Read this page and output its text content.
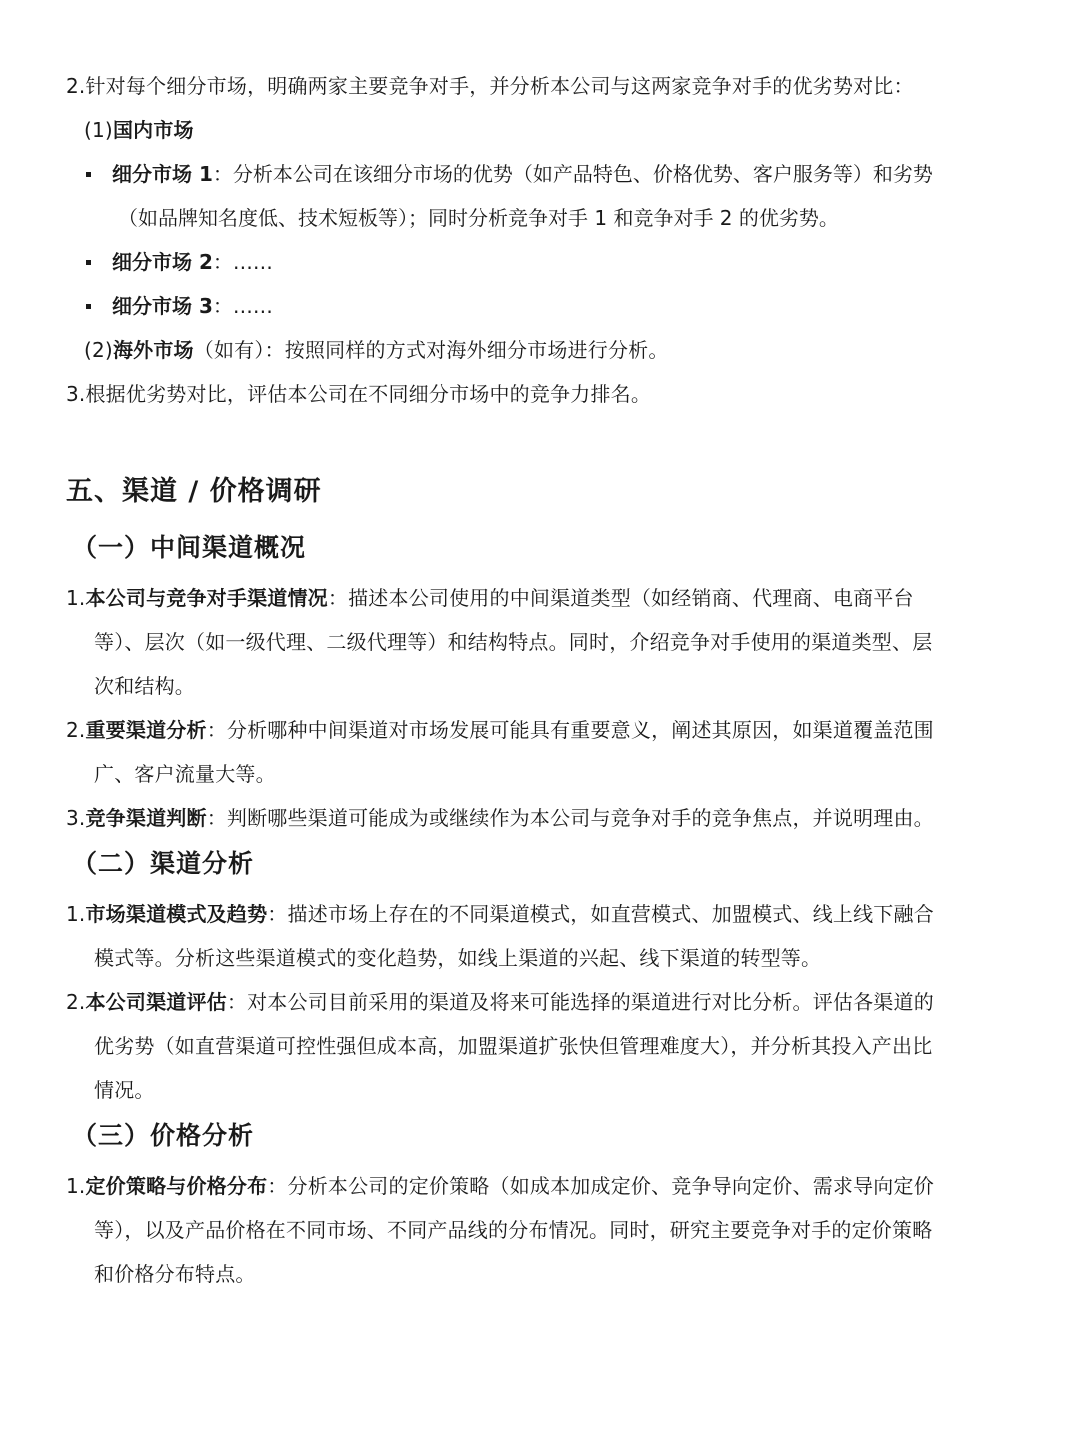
2.针对每个细分市场，明确两家主要竞争对手，并分析本公司与这两家竞争对手的优劣势对比：
(1)国内市场
细分市场 1：分析本公司在该细分市场的优势（如产品特色、价格优势、客户服务等）和劣势
（如品牌知名度低、技术短板等）；同时分析竞争对手 1 和竞争对手 2 的优劣势。
细分市场 2：……
细分市场 3：……
(2)海外市场（如有）：按照同样的方式对海外细分市场进行分析。
3.根据优劣势对比，评估本公司在不同细分市场中的竞争力排名。
五、渠道 / 价格调研
（一）中间渠道概况
1.本公司与竞争对手渠道情况：描述本公司使用的中间渠道类型（如经销商、代理商、电商平台
等）、层次（如一级代理、二级代理等）和结构特点。同时，介绍竞争对手使用的渠道类型、层
次和结构。
2.重要渠道分析：分析哪种中间渠道对市场发展可能具有重要意义，阐述其原因，如渠道覆盖范围
广、客户流量大等。
3.竞争渠道判断：判断哪些渠道可能成为或继续作为本公司与竞争对手的竞争焦点，并说明理由。
（二）渠道分析
1.市场渠道模式及趋势：描述市场上存在的不同渠道模式，如直营模式、加盟模式、线上线下融合
模式等。分析这些渠道模式的变化趋势，如线上渠道的兴起、线下渠道的转型等。
2.本公司渠道评估：对本公司目前采用的渠道及将来可能选择的渠道进行对比分析。评估各渠道的
优劣势（如直营渠道可控性强但成本高，加盟渠道扩张快但管理难度大），并分析其投入产出比
情况。
（三）价格分析
1.定价策略与价格分布：分析本公司的定价策略（如成本加成定价、竞争导向定价、需求导向定价
等），以及产品价格在不同市场、不同产品线的分布情况。同时，研究主要竞争对手的定价策略
和价格分布特点。
